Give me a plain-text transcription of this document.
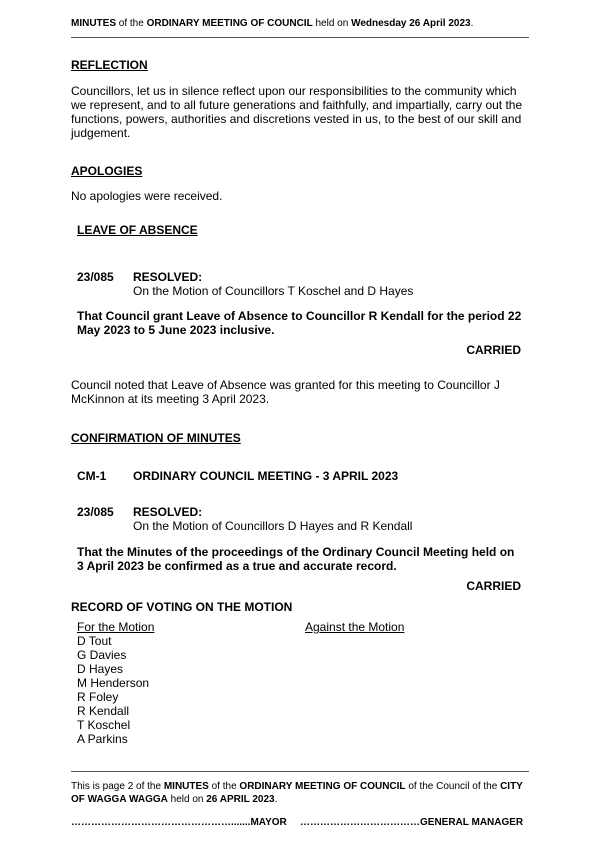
MINUTES of the ORDINARY MEETING OF COUNCIL held on Wednesday 26 April 2023.
REFLECTION
Councillors, let us in silence reflect upon our responsibilities to the community which
we represent, and to all future generations and faithfully, and impartially, carry out the
functions, powers, authorities and discretions vested in us, to the best of our skill and
judgement.
APOLOGIES
No apologies were received.
LEAVE OF ABSENCE
23/085 RESOLVED:
On the Motion of Councillors T Koschel and D Hayes
That Council grant Leave of Absence to Councillor R Kendall for the period 22
May 2023 to 5 June 2023 inclusive.
CARRIED
Council noted that Leave of Absence was granted for this meeting to Councillor J
McKinnon at its meeting 3 April 2023.
CONFIRMATION OF MINUTES
CM-1 ORDINARY COUNCIL MEETING - 3 APRIL 2023
23/085 RESOLVED:
On the Motion of Councillors D Hayes and R Kendall
That the Minutes of the proceedings of the Ordinary Council Meeting held on
3 April 2023 be confirmed as a true and accurate record.
CARRIED
RECORD OF VOTING ON THE MOTION
For the Motion	Against the Motion
D Tout
G Davies
D Hayes
M Henderson
R Foley
R Kendall
T Koschel
A Parkins
This is page 2 of the MINUTES of the ORDINARY MEETING OF COUNCIL of the Council of the CITY OF WAGGA WAGGA held on 26 APRIL 2023.
………………………………………….......MAYOR ………………………………GENERAL MANAGER
